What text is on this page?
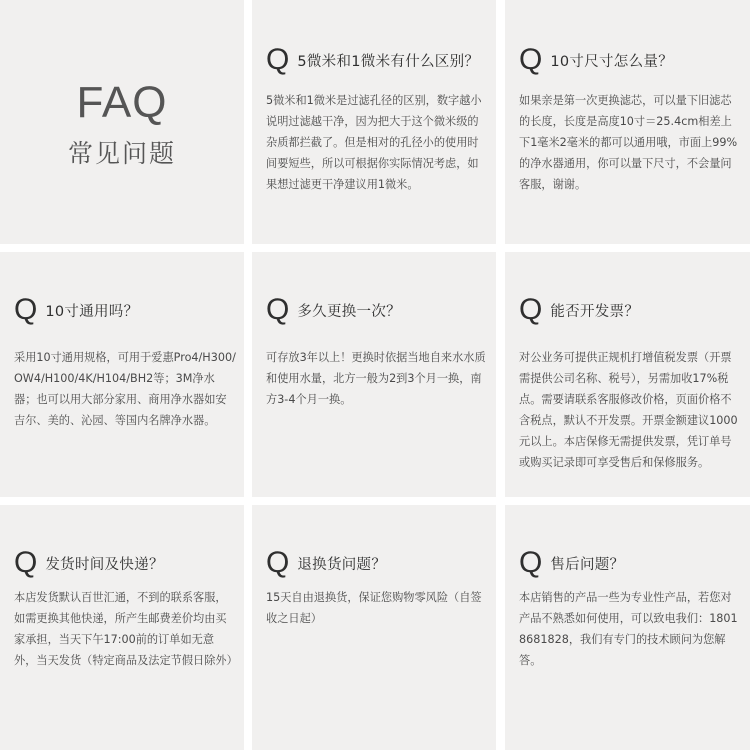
FAQ
常见问题
Q 5微米和1微米有什么区别？
5微米和1微米是过滤孔径的区别，数字越小说明过滤越干净，因为把大于这个微米级的杂质都拦截了。但是相对的孔径小的使用时间要短些，所以可根据你实际情况考虑，如果想过滤更干净建议用1微米。
Q 10寸尺寸怎么量？
如果亲是第一次更换滤芯，可以量下旧滤芯的长度，长度是高度10寸＝25.4cm相差上下1毫米2毫米的都可以通用哦，市面上99%的净水器通用，你可以量下尺寸，不会量问客服，谢谢。
Q 10寸通用吗？
采用10寸通用规格，可用于爱惠Pro4/H300/OW4/H100/4K/H104/BH2等；3M净水器；也可以用大部分家用、商用净水器如安吉尔、美的、沁园、等国内名牌净水器。
Q 多久更换一次？
可存放3年以上！更换时依据当地自来水水质和使用水量，北方一般为2到3个月一换，南方3-4个月一换。
Q 能否开发票？
对公业务可提供正规机打增值税发票（开票需提供公司名称、税号），另需加收17%税点。需要请联系客服修改价格，页面价格不含税点，默认不开发票。开票金额建议1000元以上。本店保修无需提供发票，凭订单号或购买记录即可享受售后和保修服务。
Q 发货时间及快递？
本店发货默认百世汇通，不到的联系客服，如需更换其他快递，所产生邮费差价均由买家承担，当天下午17:00前的订单如无意外，当天发货（特定商品及法定节假日除外）
Q 退换货问题？
15天自由退换货，保证您购物零风险（自签收之日起）
Q 售后问题？
本店销售的产品一些为专业性产品，若您对产品不熟悉如何使用，可以致电我们：18018681828，我们有专门的技术顾问为您解答。
